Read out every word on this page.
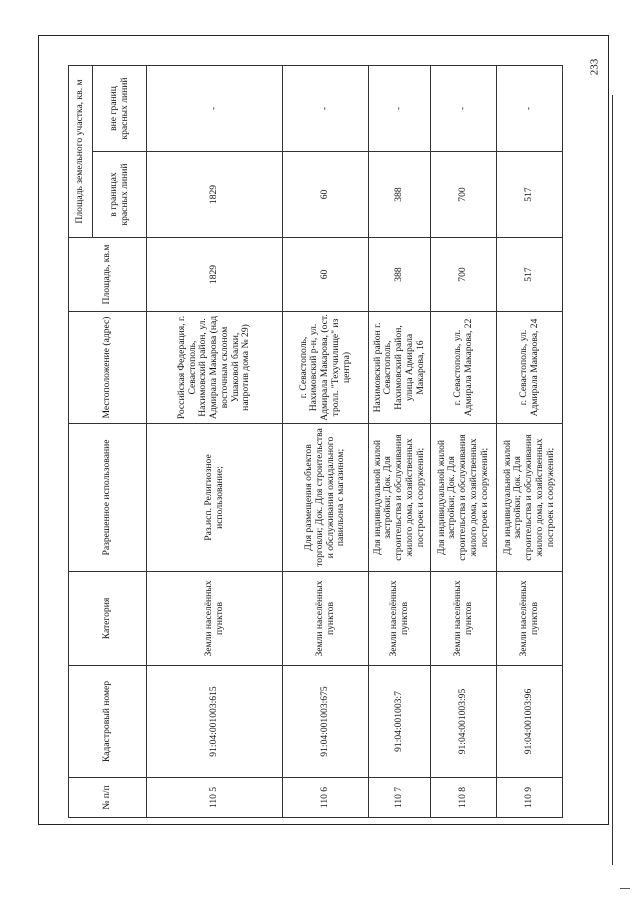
233
№ п/п	Кадастровый номер	Категория	Разрешенное использование	Местоположение (адрес)	Площадь, кв.м	Площадь земельного участка, кв. м	
						в границах красных линий	вне границ красных линий
110 5	91:04:001003:615	Земли населённых пунктов	Раз.исп. Религиозное использование;	Российская Федерация, г. Севастополь, Нахимовский район, ул. Адмирала Макарова (над восточным склоном Ушаковой балки, напротив дома № 29)	1829	1829	-
110 6	91:04:001003:675	Земли населённых пунктов	Для размещения объектов торговли; Док. Для строительства и обслуживания ожидального павильона с магазином;	г. Севастополь, Нахимовский р-н, ул. Адмирала Макарова, (ост. тролл. "Техучилище" из центра)	60	60	-
110 7	91:04:001003:7	Земли населённых пунктов	Для индивидуальной жилой застройки; Док. Для строительства и обслуживания жилого дома, хозяйственных построек и сооружений;	Нахимовский район г. Севастополь, Нахимовский район, улица Адмирала Макарова, 16	388	388	-
110 8	91:04:001003:95	Земли населённых пунктов	Для индивидуальной жилой застройки; Док. Для строительства и обслуживания жилого дома, хозяйственных построек и сооружений;	г. Севастополь, ул. Адмирала Макарова, 22	700	700	-
110 9	91:04:001003:96	Земли населённых пунктов	Для индивидуальной жилой застройки; Док. Для строительства и обслуживания жилого дома, хозяйственных построек и сооружений;	г. Севастополь, ул. Адмирала Макарова, 24	517	517	-
